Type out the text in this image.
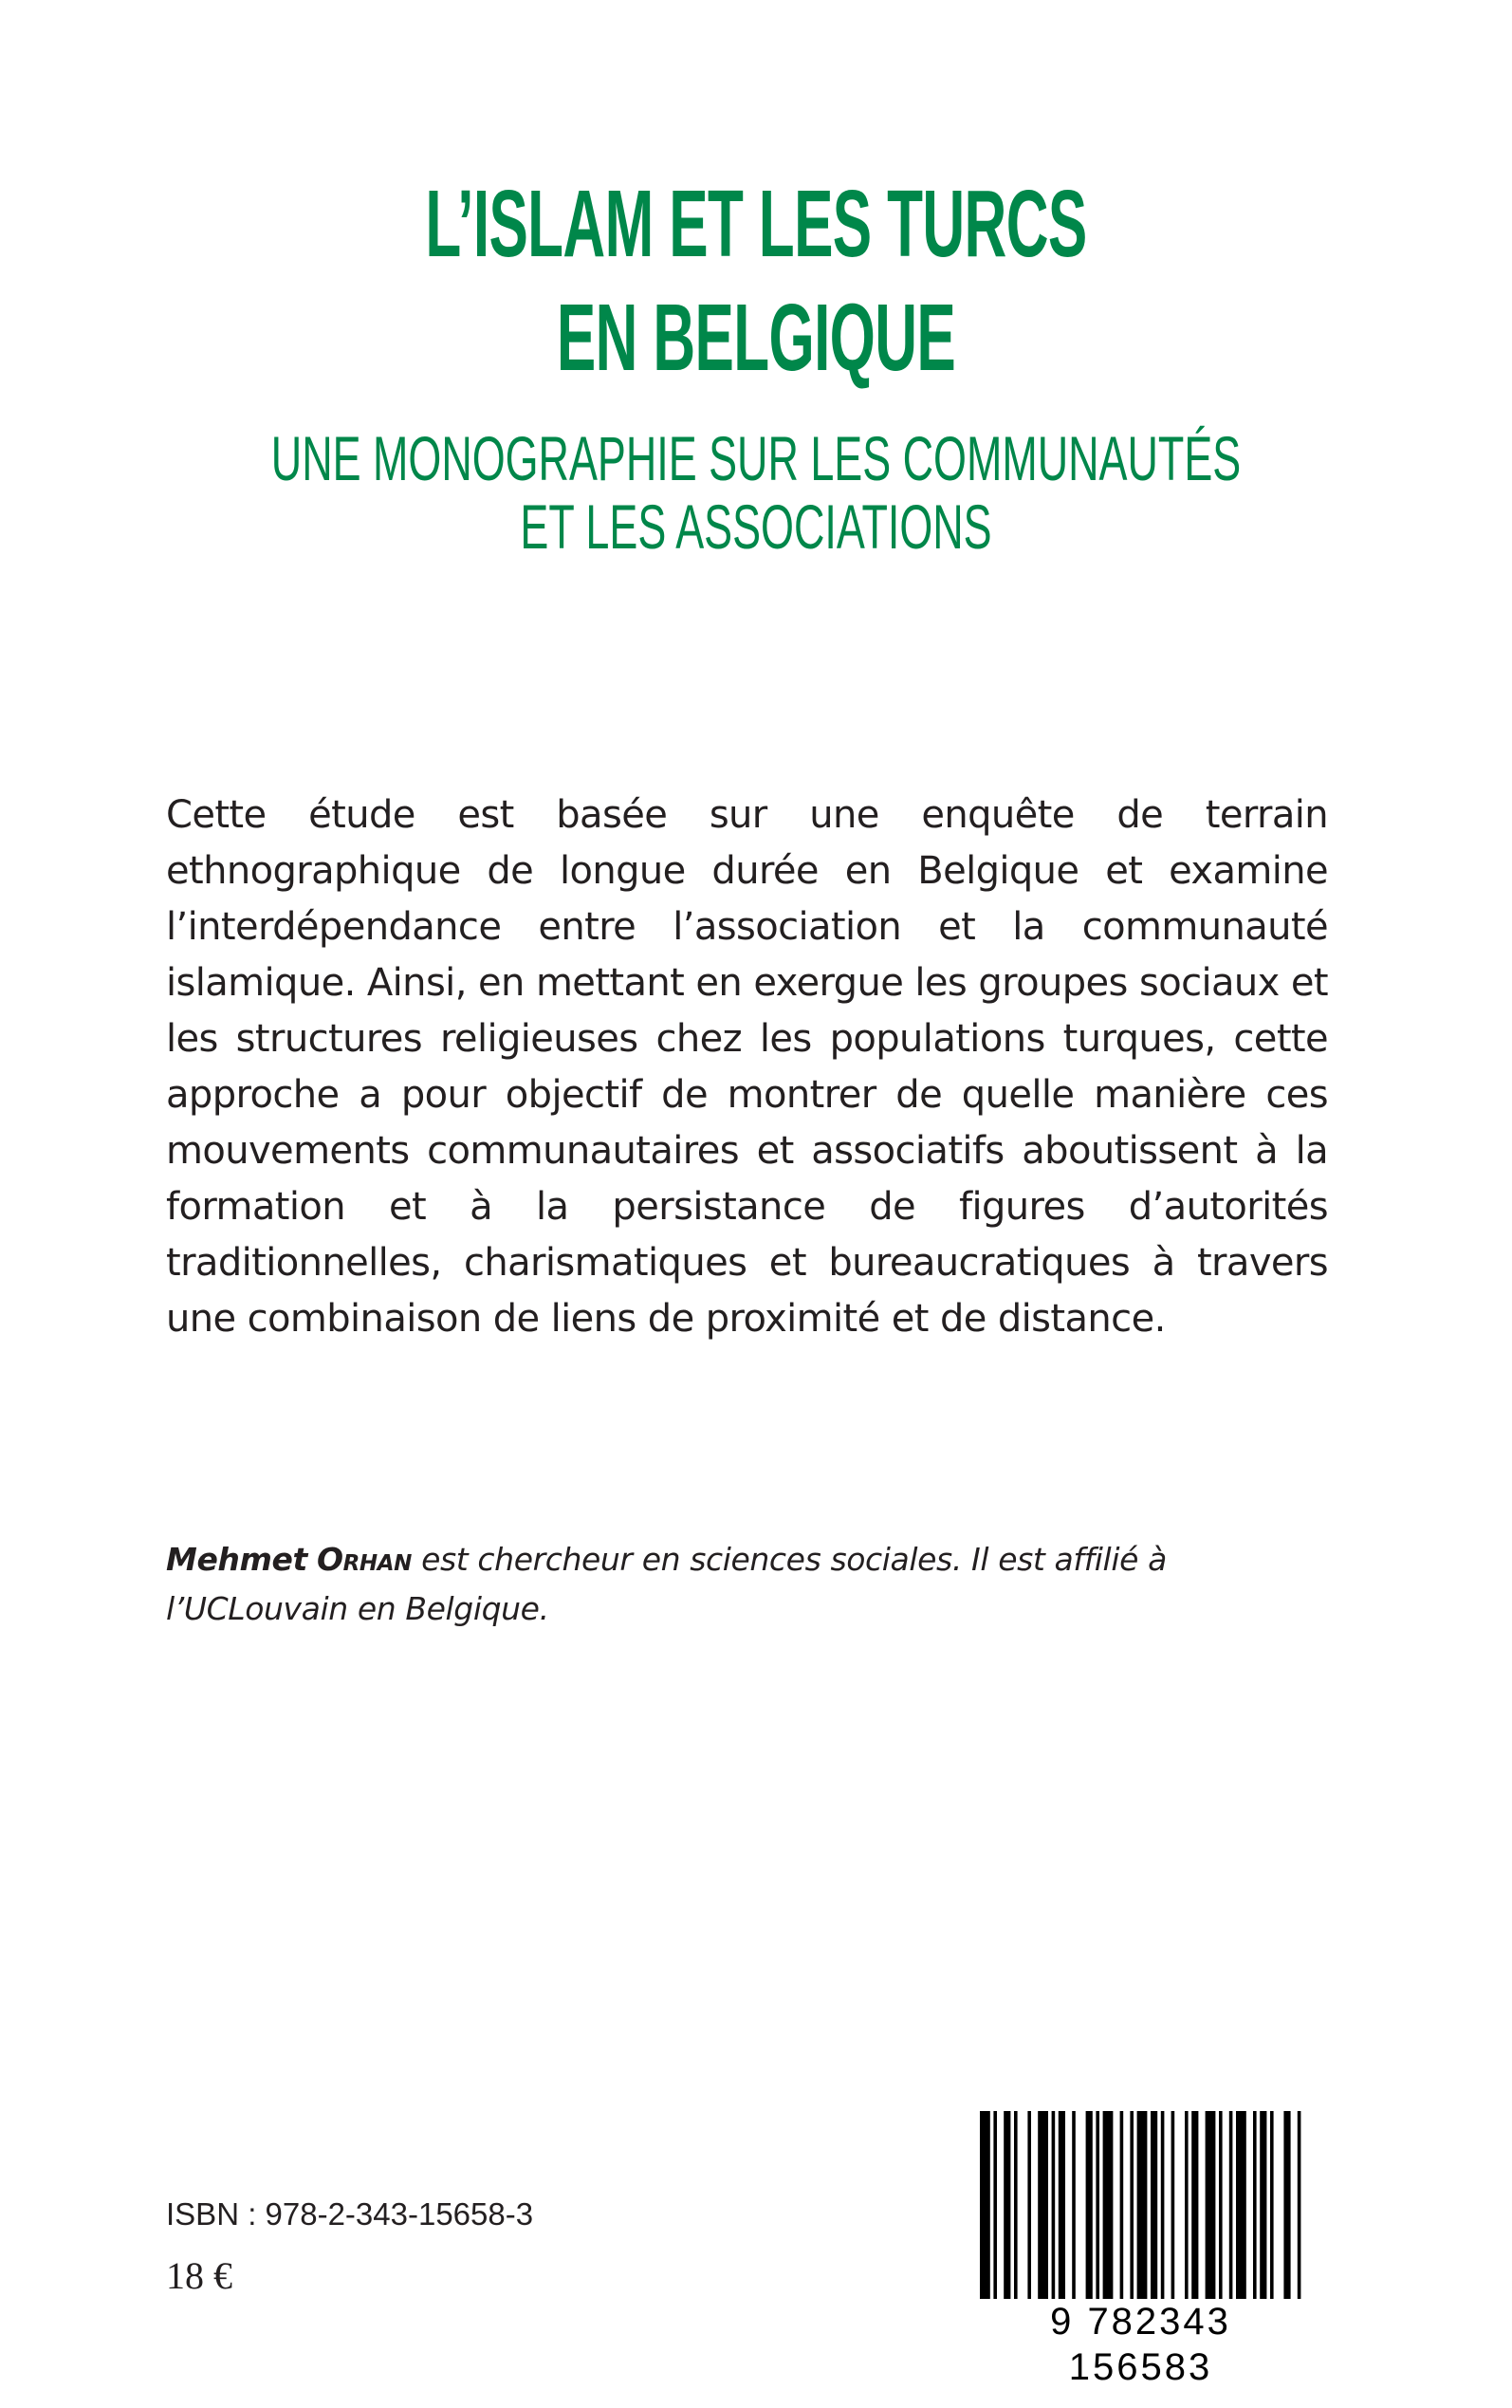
L’ISLAM ET LES TURCS
EN BELGIQUE
UNE MONOGRAPHIE SUR LES COMMUNAUTÉS
ET LES ASSOCIATIONS

Cette étude est basée sur une enquête de terrain ethnographique de longue durée en Belgique et examine l’interdépendance entre l’association et la communauté islamique. Ainsi, en mettant en exergue les groupes sociaux et les structures religieuses chez les populations turques, cette approche a pour objectif de montrer de quelle manière ces mouvements communautaires et associatifs aboutissent à la formation et à la persistance de figures d’autorités traditionnelles, charismatiques et bureaucratiques à travers une combinaison de liens de proximité et de distance.

Mehmet Orhan est chercheur en sciences sociales. Il est affilié à l’UCLouvain en Belgique.

ISBN : 978-2-343-15658-3

18 €

9 782343 156583
